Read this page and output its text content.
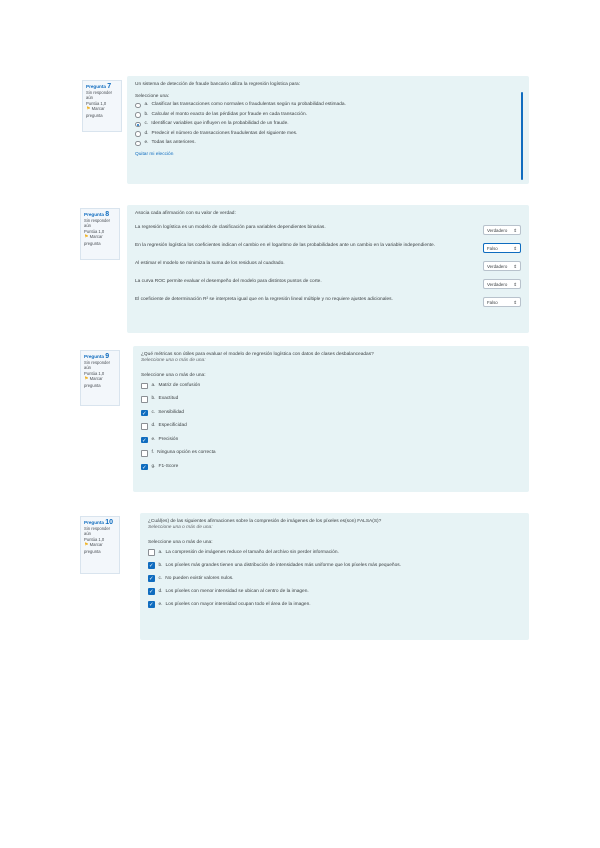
Pregunta 7
Sin responder aún
Puntúa 1,0
⚑ Marcar pregunta
Un sistema de detección de fraude bancario utiliza la regresión logística para:
Seleccione una:
a. Clasificar las transacciones como normales o fraudulentas según su probabilidad estimada.
b. Calcular el monto exacto de las pérdidas por fraude en cada transacción.
c. Identificar variables que influyen en la probabilidad de un fraude.
d. Predecir el número de transacciones fraudulentas del siguiente mes.
e. Todas las anteriores.
Quitar mi elección
Pregunta 8
Sin responder aún
Puntúa 1,0
⚑ Marcar pregunta
Asocia cada afirmación con su valor de verdad:
La regresión logística es un modelo de clasificación para variables dependientes binarias.
Verdadero ⇕
En la regresión logística los coeficientes indican el cambio en el logaritmo de las probabilidades ante un cambio en la variable independiente.
Falso	⇕
Al estimar el modelo se minimiza la suma de los residuos al cuadrado.
Verdadero ⇕
La curva ROC permite evaluar el desempeño del modelo para distintos puntos de corte.
Verdadero ⇕
El coeficiente de determinación R² se interpreta igual que en la regresión lineal múltiple y no requiere ajustes adicionales.
Falso	⇕
Pregunta 9
Sin responder aún
Puntúa 1,0
⚑ Marcar pregunta
¿Qué métricas son útiles para evaluar el modelo de regresión logística con datos de clases desbalanceadas?
Seleccione una o más de una:
Seleccione una o más de una:
a. Matriz de confusión
b. Exactitud
✓ c. Sensibilidad
d. Especificidad
✓ e. Precisión
f. Ninguna opción es correcta
✓ g. F1-Score
Pregunta 10
Sin responder aún
Puntúa 1,0
⚑ Marcar pregunta
¿Cuál(es) de las siguientes afirmaciones sobre la compresión de imágenes de los píxeles es(son) FALSA(S)?
Seleccione una o más de una:
Seleccione una o más de una:
a. La compresión de imágenes reduce el tamaño del archivo sin perder información.
✓ b. Los píxeles más grandes tienen una distribución de intensidades más uniforme que los píxeles más pequeños.
✓ c. No pueden existir valores nulos.
✓ d. Los píxeles con menor intensidad se ubican al centro de la imagen.
✓ e. Los píxeles con mayor intensidad ocupan todo el área de la imagen.
